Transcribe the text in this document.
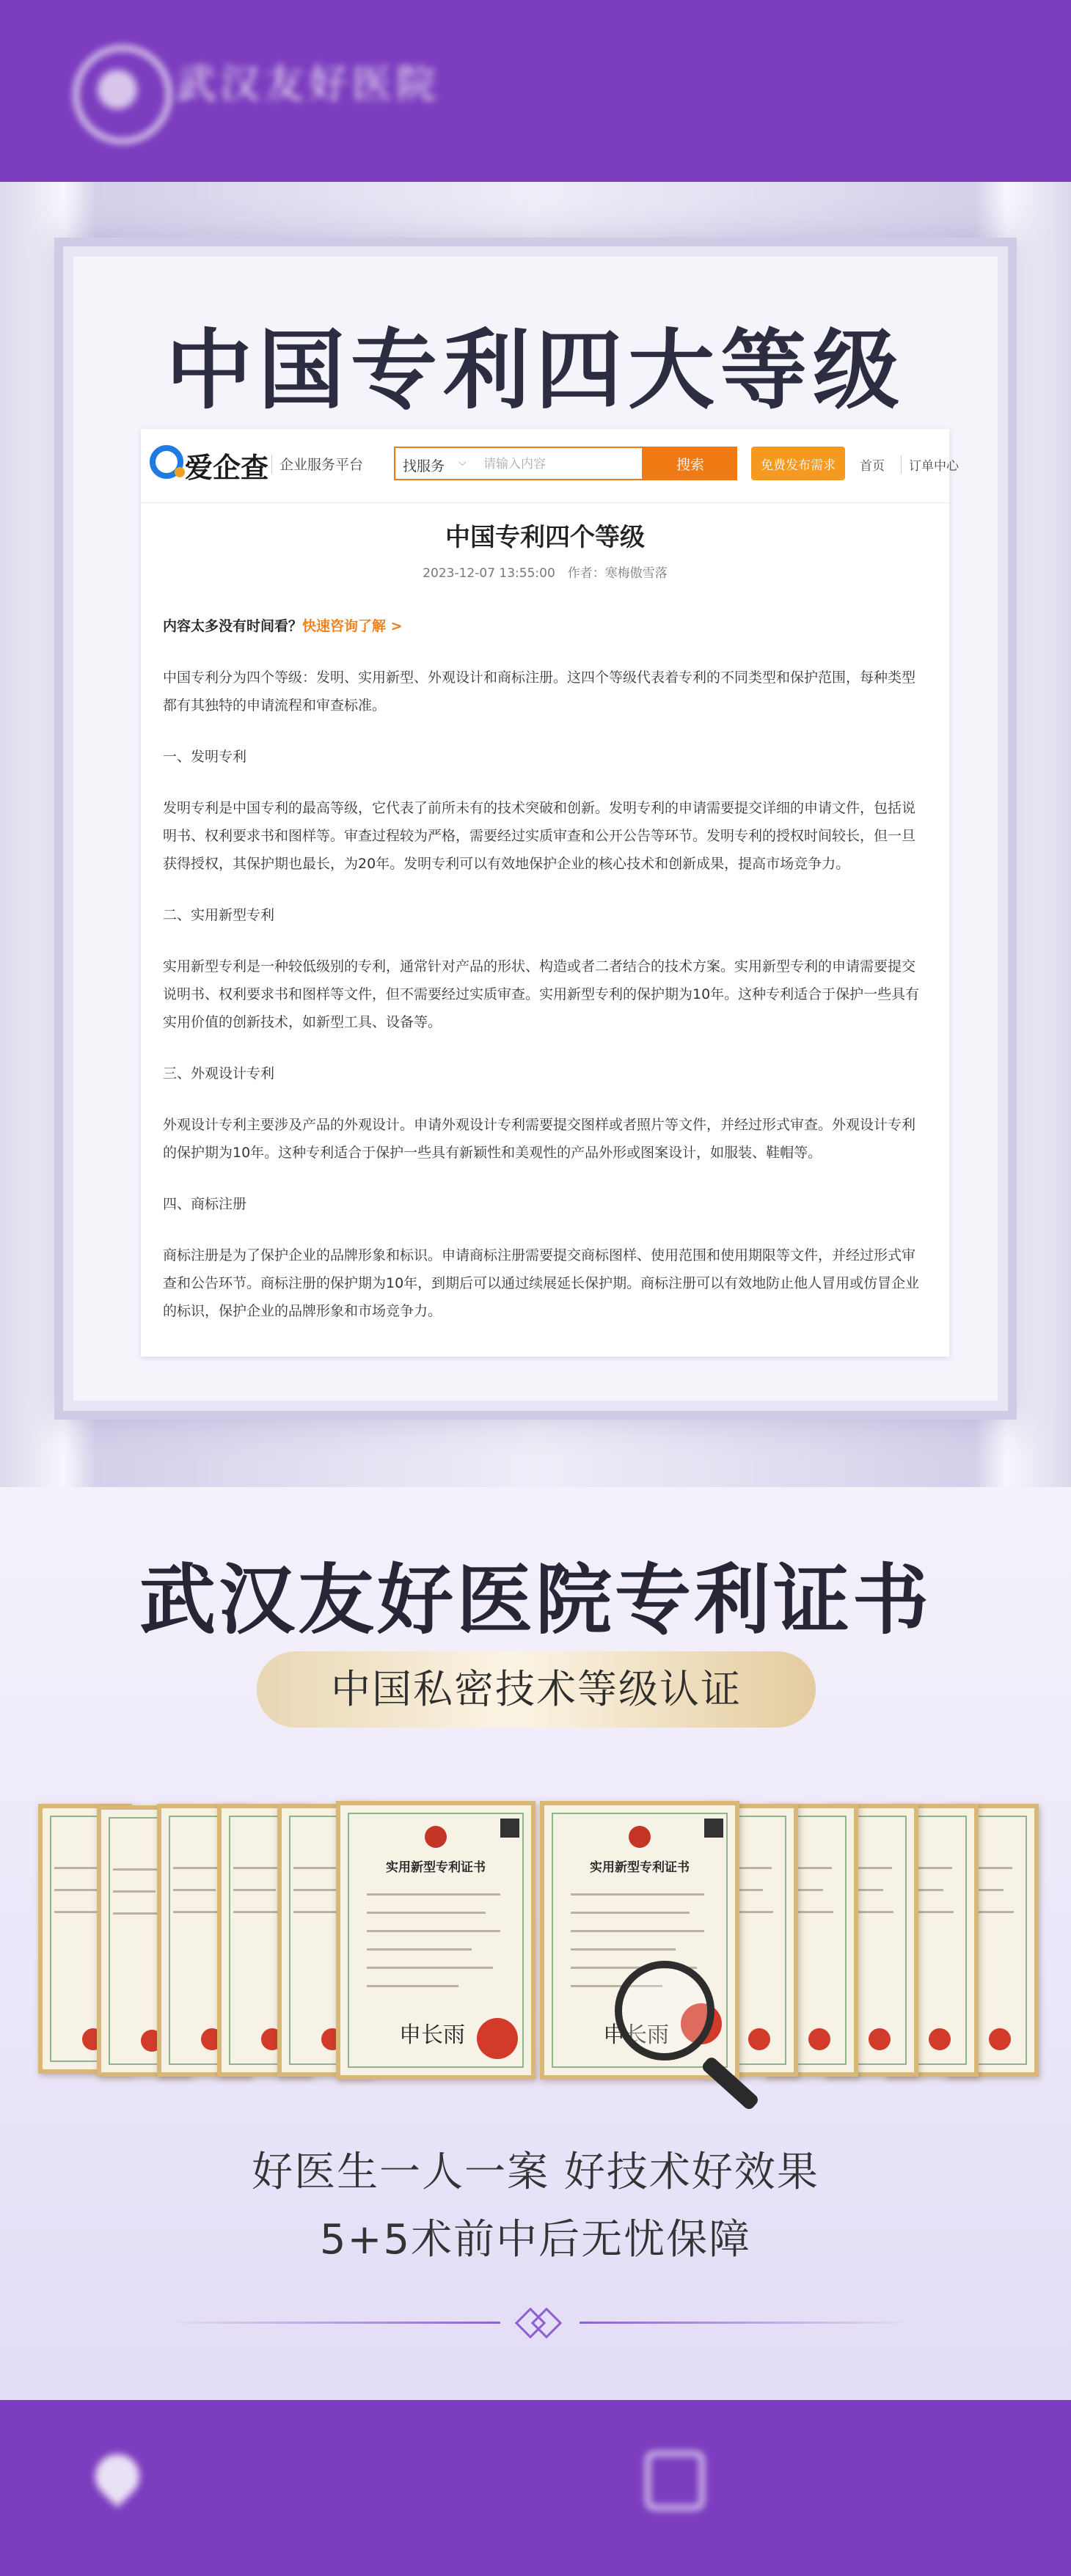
武汉友好医院
中国专利四大等级
爱企查 企业服务平台	找服务 ⌵
请输入内容	搜索	免费发布需求	首页	订单中心
中国专利四个等级
2023-12-07 13:55:00　作者：寒梅傲雪落

内容太多没有时间看？快速咨询了解 >

中国专利分为四个等级：发明、实用新型、外观设计和商标注册。这四个等级代表着专利的不同类型和保护范围，每种类型都有其独特的申请流程和审查标准。

一、发明专利

发明专利是中国专利的最高等级，它代表了前所未有的技术突破和创新。发明专利的申请需要提交详细的申请文件，包括说明书、权利要求书和图样等。审查过程较为严格，需要经过实质审查和公开公告等环节。发明专利的授权时间较长，但一旦获得授权，其保护期也最长，为20年。发明专利可以有效地保护企业的核心技术和创新成果，提高市场竞争力。

二、实用新型专利

实用新型专利是一种较低级别的专利，通常针对产品的形状、构造或者二者结合的技术方案。实用新型专利的申请需要提交说明书、权利要求书和图样等文件，但不需要经过实质审查。实用新型专利的保护期为10年。这种专利适合于保护一些具有实用价值的创新技术，如新型工具、设备等。

三、外观设计专利

外观设计专利主要涉及产品的外观设计。申请外观设计专利需要提交图样或者照片等文件，并经过形式审查。外观设计专利的保护期为10年。这种专利适合于保护一些具有新颖性和美观性的产品外形或图案设计，如服装、鞋帽等。

四、商标注册

商标注册是为了保护企业的品牌形象和标识。申请商标注册需要提交商标图样、使用范围和使用期限等文件，并经过形式审查和公告环节。商标注册的保护期为10年，到期后可以通过续展延长保护期。商标注册可以有效地防止他人冒用或仿冒企业的标识，保护企业的品牌形象和市场竞争力。

武汉友好医院专利证书
中国私密技术等级认证
实用新型专利证书
申长雨
实用新型专利证书
申长雨
好医生一人一案 好技术好效果
5+5术前中后无忧保障
